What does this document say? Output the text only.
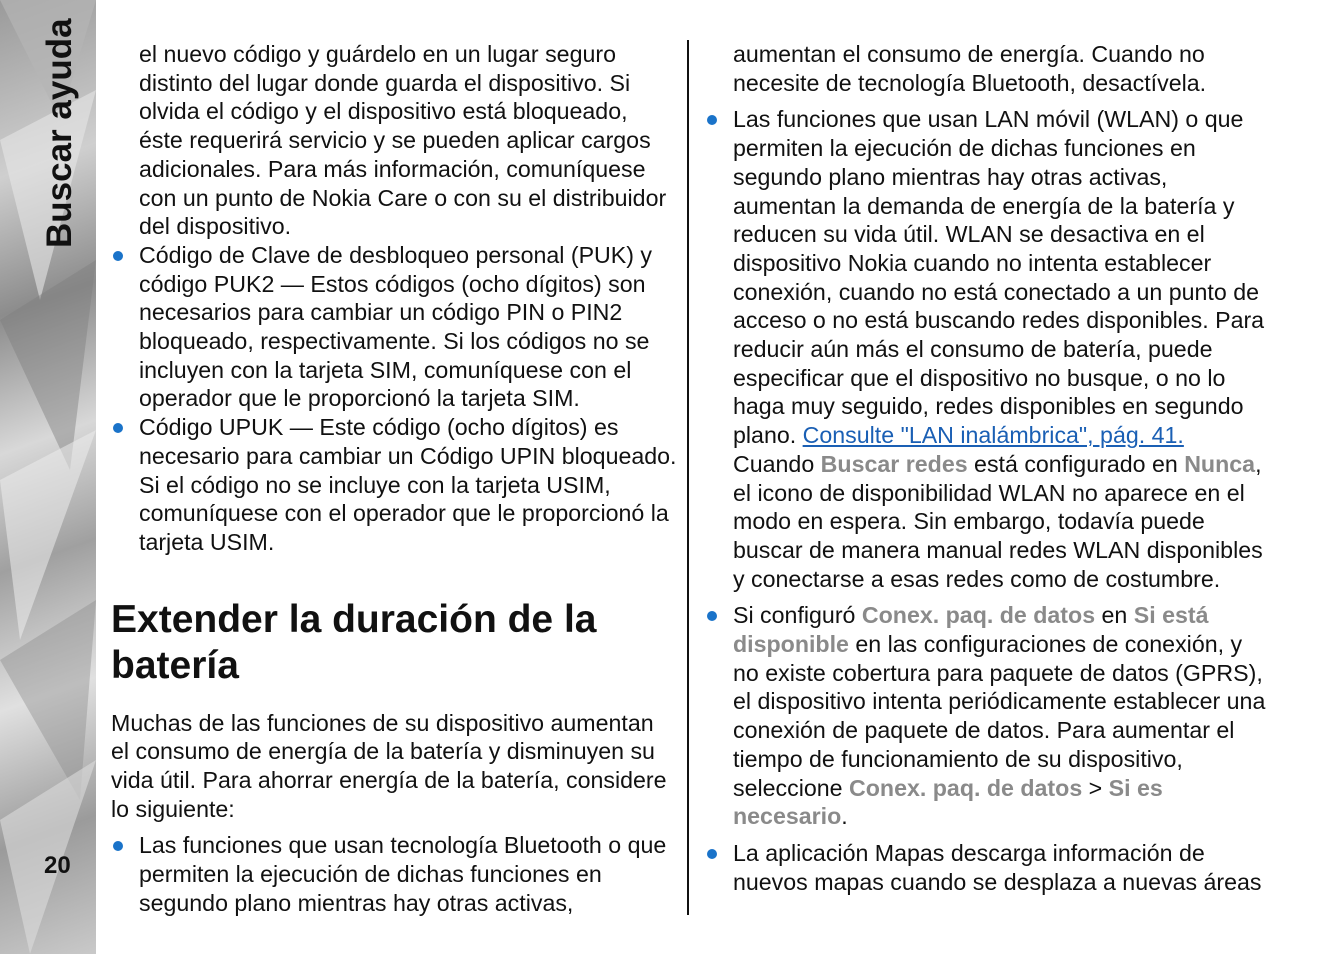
Buscar ayuda
20

el nuevo código y guárdelo en un lugar seguro distinto del lugar donde guarda el dispositivo. Si olvida el código y el dispositivo está bloqueado, éste requerirá servicio y se pueden aplicar cargos adicionales. Para más información, comuníquese con un punto de Nokia Care o con su el distribuidor del dispositivo.

Código de Clave de desbloqueo personal (PUK) y código PUK2 — Estos códigos (ocho dígitos) son necesarios para cambiar un código PIN o PIN2 bloqueado, respectivamente. Si los códigos no se incluyen con la tarjeta SIM, comuníquese con el operador que le proporcionó la tarjeta SIM.
Código UPUK — Este código (ocho dígitos) es necesario para cambiar un Código UPIN bloqueado. Si el código no se incluye con la tarjeta USIM, comuníquese con el operador que le proporcionó la tarjeta USIM.
Extender la duración de la batería

Muchas de las funciones de su dispositivo aumentan el consumo de energía de la batería y disminuyen su vida útil. Para ahorrar energía de la batería, considere lo siguiente:

Las funciones que usan tecnología Bluetooth o que permiten la ejecución de dichas funciones en segundo plano mientras hay otras activas,

aumentan el consumo de energía. Cuando no necesite de tecnología Bluetooth, desactívela.

Las funciones que usan LAN móvil (WLAN) o que permiten la ejecución de dichas funciones en segundo plano mientras hay otras activas, aumentan la demanda de energía de la batería y reducen su vida útil. WLAN se desactiva en el dispositivo Nokia cuando no intenta establecer conexión, cuando no está conectado a un punto de acceso o no está buscando redes disponibles. Para reducir aún más el consumo de batería, puede especificar que el dispositivo no busque, o no lo haga muy seguido, redes disponibles en segundo plano. Consulte "LAN inalámbrica", pág. 41. Cuando Buscar redes está configurado en Nunca, el icono de disponibilidad WLAN no aparece en el modo en espera. Sin embargo, todavía puede buscar de manera manual redes WLAN disponibles y conectarse a esas redes como de costumbre.
Si configuró Conex. paq. de datos en Si está disponible en las configuraciones de conexión, y no existe cobertura para paquete de datos (GPRS), el dispositivo intenta periódicamente establecer una conexión de paquete de datos. Para aumentar el tiempo de funcionamiento de su dispositivo, seleccione Conex. paq. de datos > Si es necesario.
La aplicación Mapas descarga información de nuevos mapas cuando se desplaza a nuevas áreas
